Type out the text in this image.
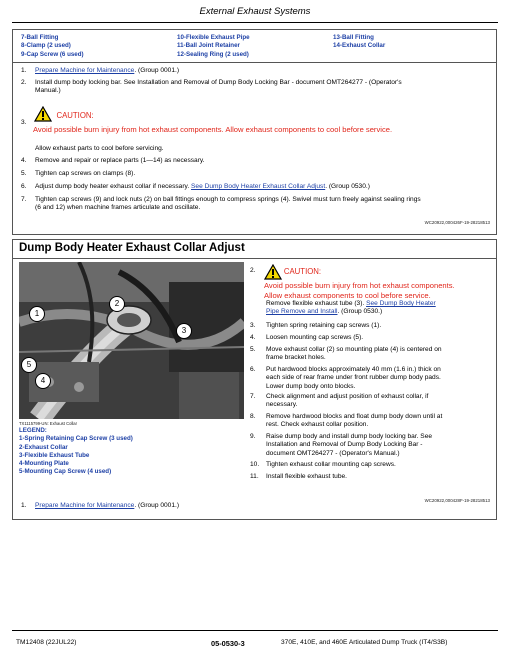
External Exhaust Systems
7-Ball Fitting
8-Clamp (2 used)
9-Cap Screw (6 used)
10-Flexible Exhaust Pipe
11-Ball Joint Retainer
12-Sealing Ring (2 used)
13-Ball Fitting
14-Exhaust Collar
1. Prepare Machine for Maintenance. (Group 0001.)
2. Install dump body locking bar. See Installation and Removal of Dump Body Locking Bar - document OMT264277 - (Operator's
Manual.)
3.
CAUTION:
Avoid possible burn injury from hot exhaust components. Allow exhaust components to cool before service.
Allow exhaust parts to cool before servicing.
4. Remove and repair or replace parts (1—14) as necessary.
5. Tighten cap screws on clamps (8).
6. Adjust dump body heater exhaust collar if necessary. See Dump Body Heater Exhaust Collar Adjust. (Group 0530.)
7. Tighten cap screws (9) and lock nuts (2) on ball fittings enough to compress springs (4). Swivel must turn freely against sealing rings
(6 and 12) when machine frames articulate and oscillate.
WC20922,000426F-19-28218513
Dump Body Heater Exhaust Collar Adjust
1
2
3
4
5
TX1115799-UN: Exhaust Collar
LEGEND:
1-Spring Retaining Cap Screw (3 used)
2-Exhaust Collar
3-Flexible Exhaust Tube
4-Mounting Plate
5-Mounting Cap Screw (4 used)
1. Prepare Machine for Maintenance. (Group 0001.)
2.	CAUTION:
Avoid possible burn injury from hot exhaust components.
Allow exhaust components to cool before service.
Remove flexible exhaust tube (3). See Dump Body Heater
Pipe Remove and Install. (Group 0530.)
3.	Tighten spring retaining cap screws (1).
4.	Loosen mounting cap screws (5).
5.	Move exhaust collar (2) so mounting plate (4) is centered on
frame bracket holes.
6.	Put hardwood blocks approximately 40 mm (1.6 in.) thick on
each side of rear frame under front rubber dump body pads.
Lower dump body onto blocks.
7.	Check alignment and adjust position of exhaust collar, if
necessary.
8.	Remove hardwood blocks and float dump body down until at
rest. Check exhaust collar position.
9.	Raise dump body and install dump body locking bar. See
Installation and Removal of Dump Body Locking Bar -
document OMT264277 - (Operator's Manual.)
10.	Tighten exhaust collar mounting cap screws.
11.	Install flexible exhaust tube.
WC20922,000428F-19-28218513
TM12408 (22JUL22)	05-0530-3	370E, 410E, and 460E Articulated Dump Truck (IT4/S3B)
